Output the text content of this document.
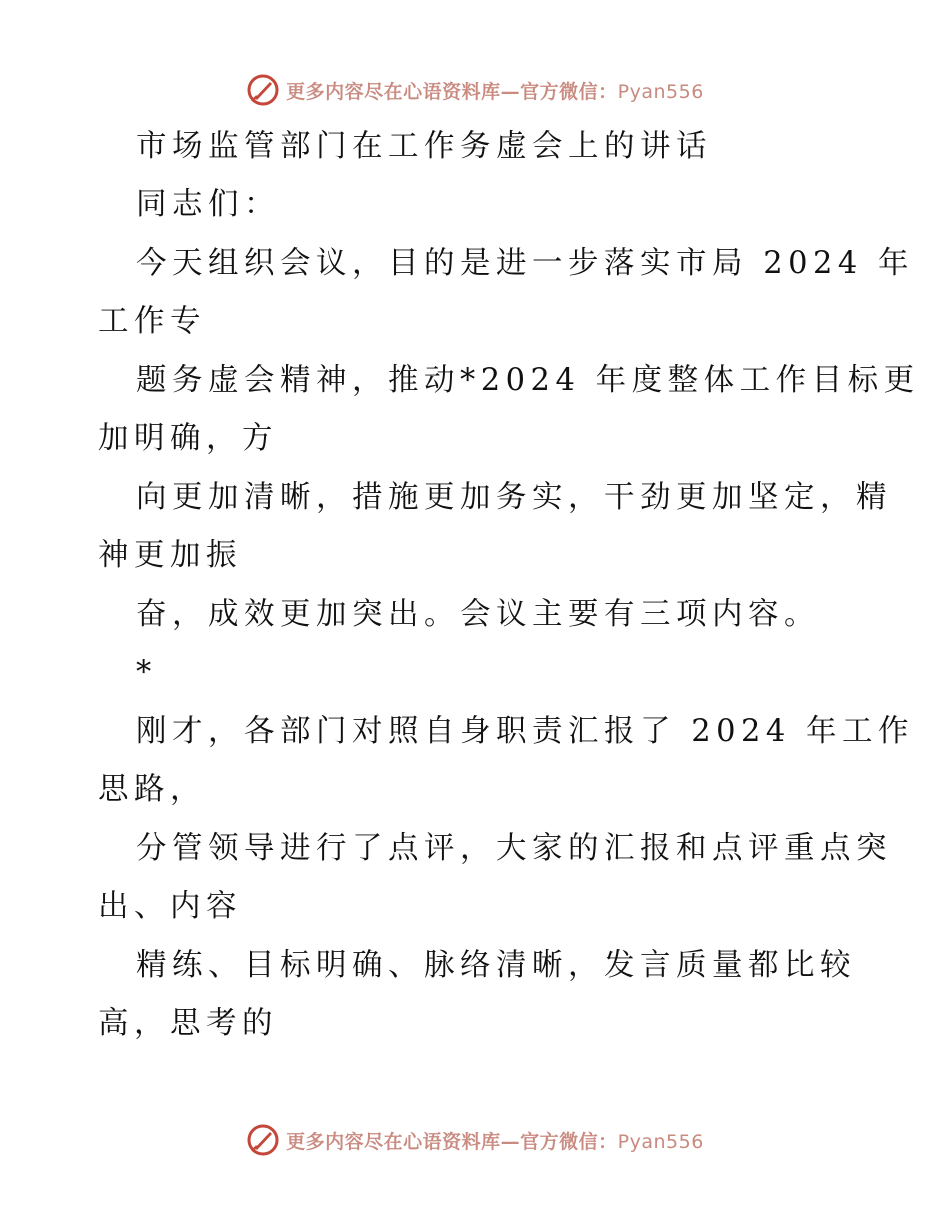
更多内容尽在心语资料库—官方微信：Pyan556
市场监管部门在工作务虚会上的讲话
同志们：
今天组织会议，目的是进一步落实市局 2024 年
工作专
题务虚会精神，推动*2024 年度整体工作目标更
加明确，方
向更加清晰，措施更加务实，干劲更加坚定，精
神更加振
奋，成效更加突出。会议主要有三项内容。
*
刚才，各部门对照自身职责汇报了 2024 年工作
思路，
分管领导进行了点评，大家的汇报和点评重点突
出、内容
精练、目标明确、脉络清晰，发言质量都比较
高，思考的
更多内容尽在心语资料库—官方微信：Pyan556
